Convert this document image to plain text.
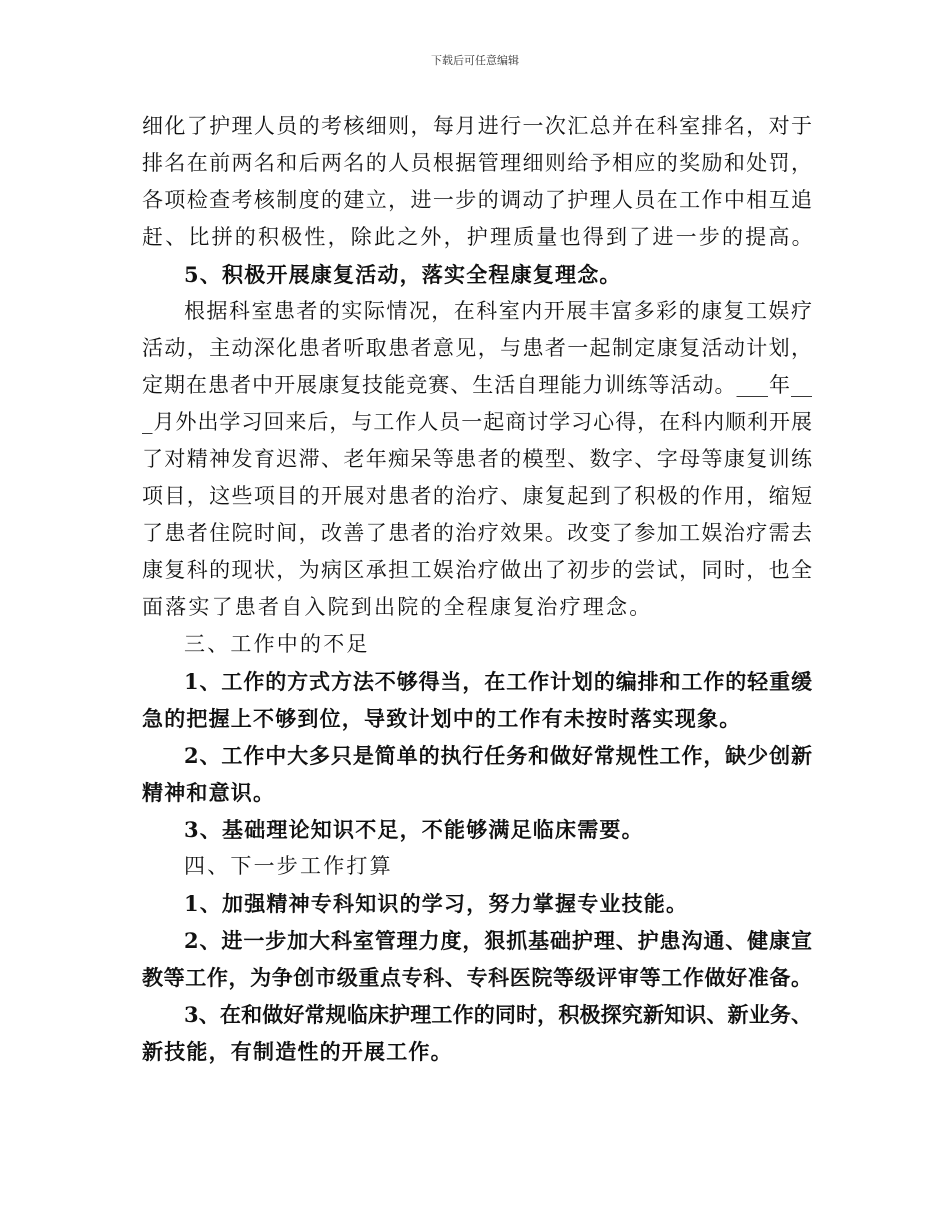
下载后可任意编辑
细化了护理人员的考核细则，每月进行一次汇总并在科室排名，对于
排名在前两名和后两名的人员根据管理细则给予相应的奖励和处罚，
各项检查考核制度的建立，进一步的调动了护理人员在工作中相互追
赶、比拼的积极性，除此之外，护理质量也得到了进一步的提高。
5、积极开展康复活动，落实全程康复理念。
根据科室患者的实际情况，在科室内开展丰富多彩的康复工娱疗
活动，主动深化患者听取患者意见，与患者一起制定康复活动计划，
定期在患者中开展康复技能竞赛、生活自理能力训练等活动。___年__
_月外出学习回来后，与工作人员一起商讨学习心得，在科内顺利开展
了对精神发育迟滞、老年痴呆等患者的模型、数字、字母等康复训练
项目，这些项目的开展对患者的治疗、康复起到了积极的作用，缩短
了患者住院时间，改善了患者的治疗效果。改变了参加工娱治疗需去
康复科的现状，为病区承担工娱治疗做出了初步的尝试，同时，也全
面落实了患者自入院到出院的全程康复治疗理念。
三、工作中的不足
1、工作的方式方法不够得当，在工作计划的编排和工作的轻重缓
急的把握上不够到位，导致计划中的工作有未按时落实现象。
2、工作中大多只是简单的执行任务和做好常规性工作，缺少创新
精神和意识。
3、基础理论知识不足，不能够满足临床需要。
四、下一步工作打算
1、加强精神专科知识的学习，努力掌握专业技能。
2、进一步加大科室管理力度，狠抓基础护理、护患沟通、健康宣
教等工作，为争创市级重点专科、专科医院等级评审等工作做好准备。
3、在和做好常规临床护理工作的同时，积极探究新知识、新业务、
新技能，有制造性的开展工作。
